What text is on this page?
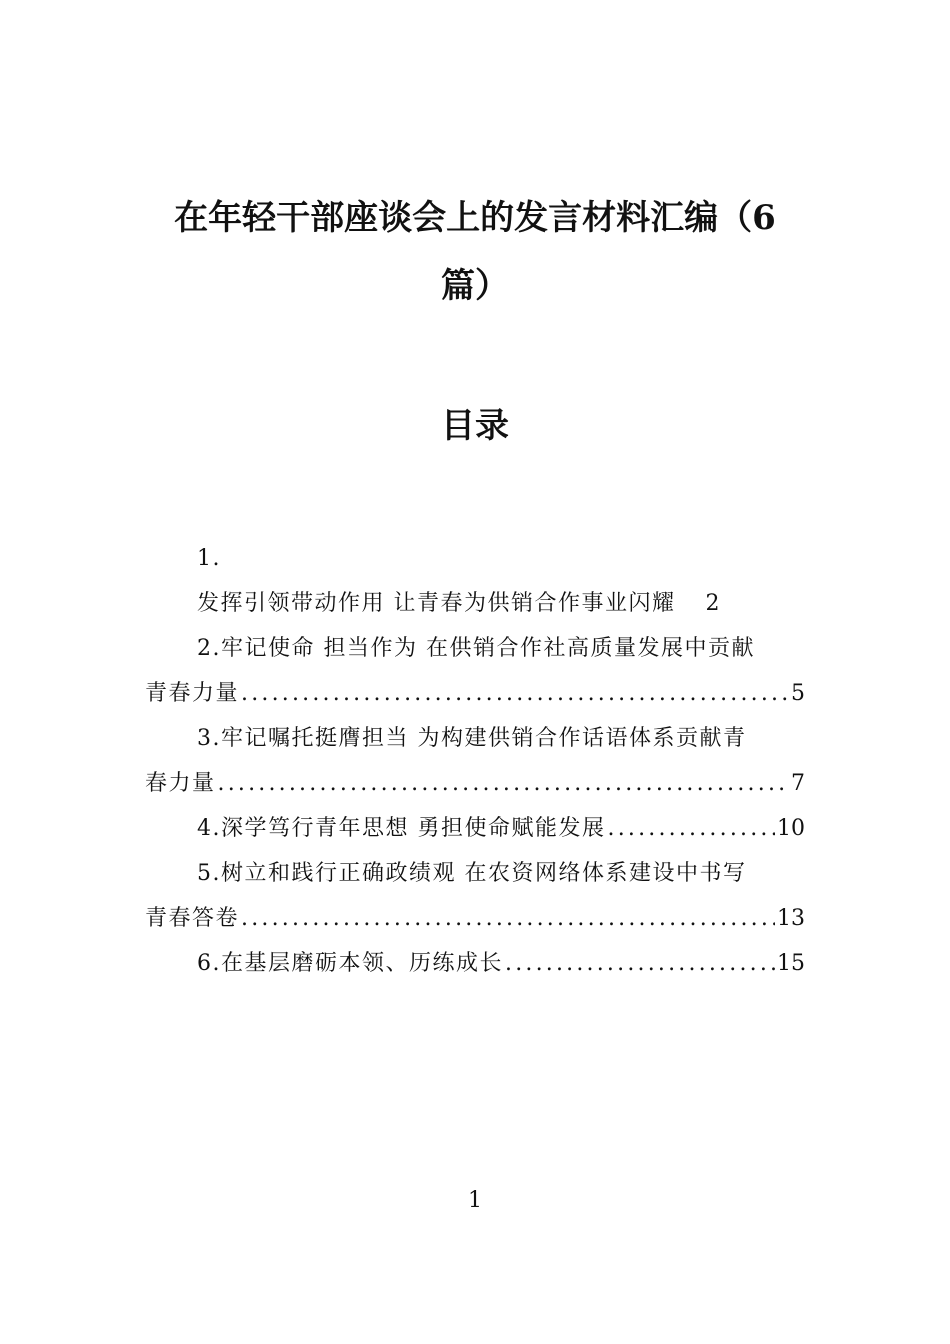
在年轻干部座谈会上的发言材料汇编（6
篇）
目录
1.
发挥引领带动作用 让青春为供销合作事业闪耀 2
2.牢记使命 担当作为 在供销合作社高质量发展中贡献
青春力量 .....	5
3.牢记嘱托挺膺担当 为构建供销合作话语体系贡献青
春力量 .....	7
4.深学笃行青年思想 勇担使命赋能发展 .....	10
5.树立和践行正确政绩观 在农资网络体系建设中书写
青春答卷 .....	13
6.在基层磨砺本领、历练成长 .....	15
1
